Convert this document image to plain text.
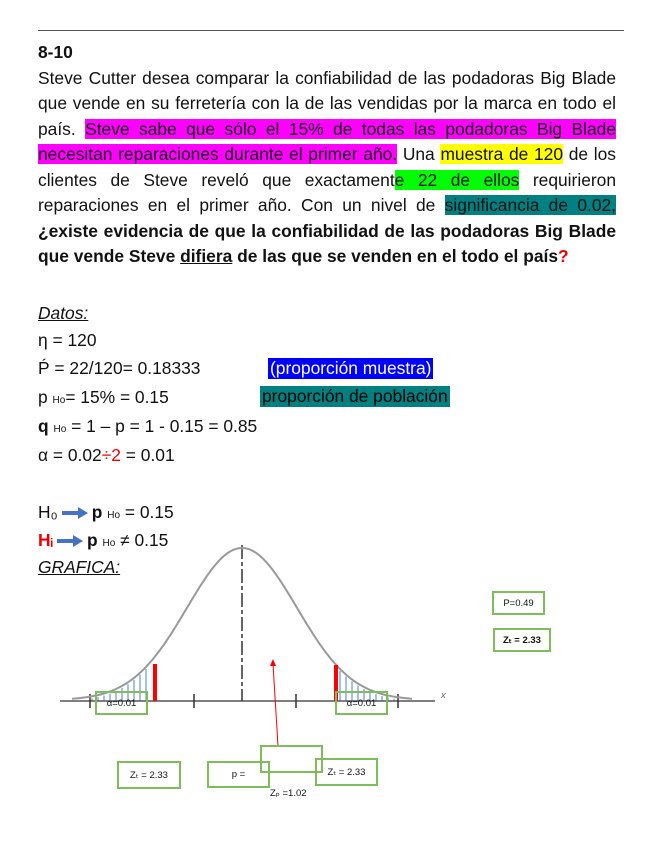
8-10
Steve Cutter desea comparar la confiabilidad de las podadoras Big Blade que vende en su ferretería con la de las vendidas por la marca en todo el país. Steve sabe que sólo el 15% de todas las podadoras Big Blade necesitan reparaciones durante el primer año. Una muestra de 120 de los clientes de Steve reveló que exactamente 22 de ellos requirieron reparaciones en el primer año. Con un nivel de significancia de 0.02, ¿existe evidencia de que la confiabilidad de las podadoras Big Blade que vende Steve difiera de las que se venden en el todo el país?
Datos:
η = 120
Ṕ = 22/120= 0.18333	(proporción muestra)
p Ho= 15% = 0.15	proporción de población
q Ho = 1 – p = 1 - 0.15 = 0.85
α = 0.02÷2 = 0.01
H₀ p Ho = 0.15
Hᵢ p Ho ≠ 0.15
GRAFICA:
x
α=0.01	α=0.01
P=0.49
Zₜ = 2.33
Zₜ = 2.33	p =	Zₜ = 2.33
Zₚ =1.02
